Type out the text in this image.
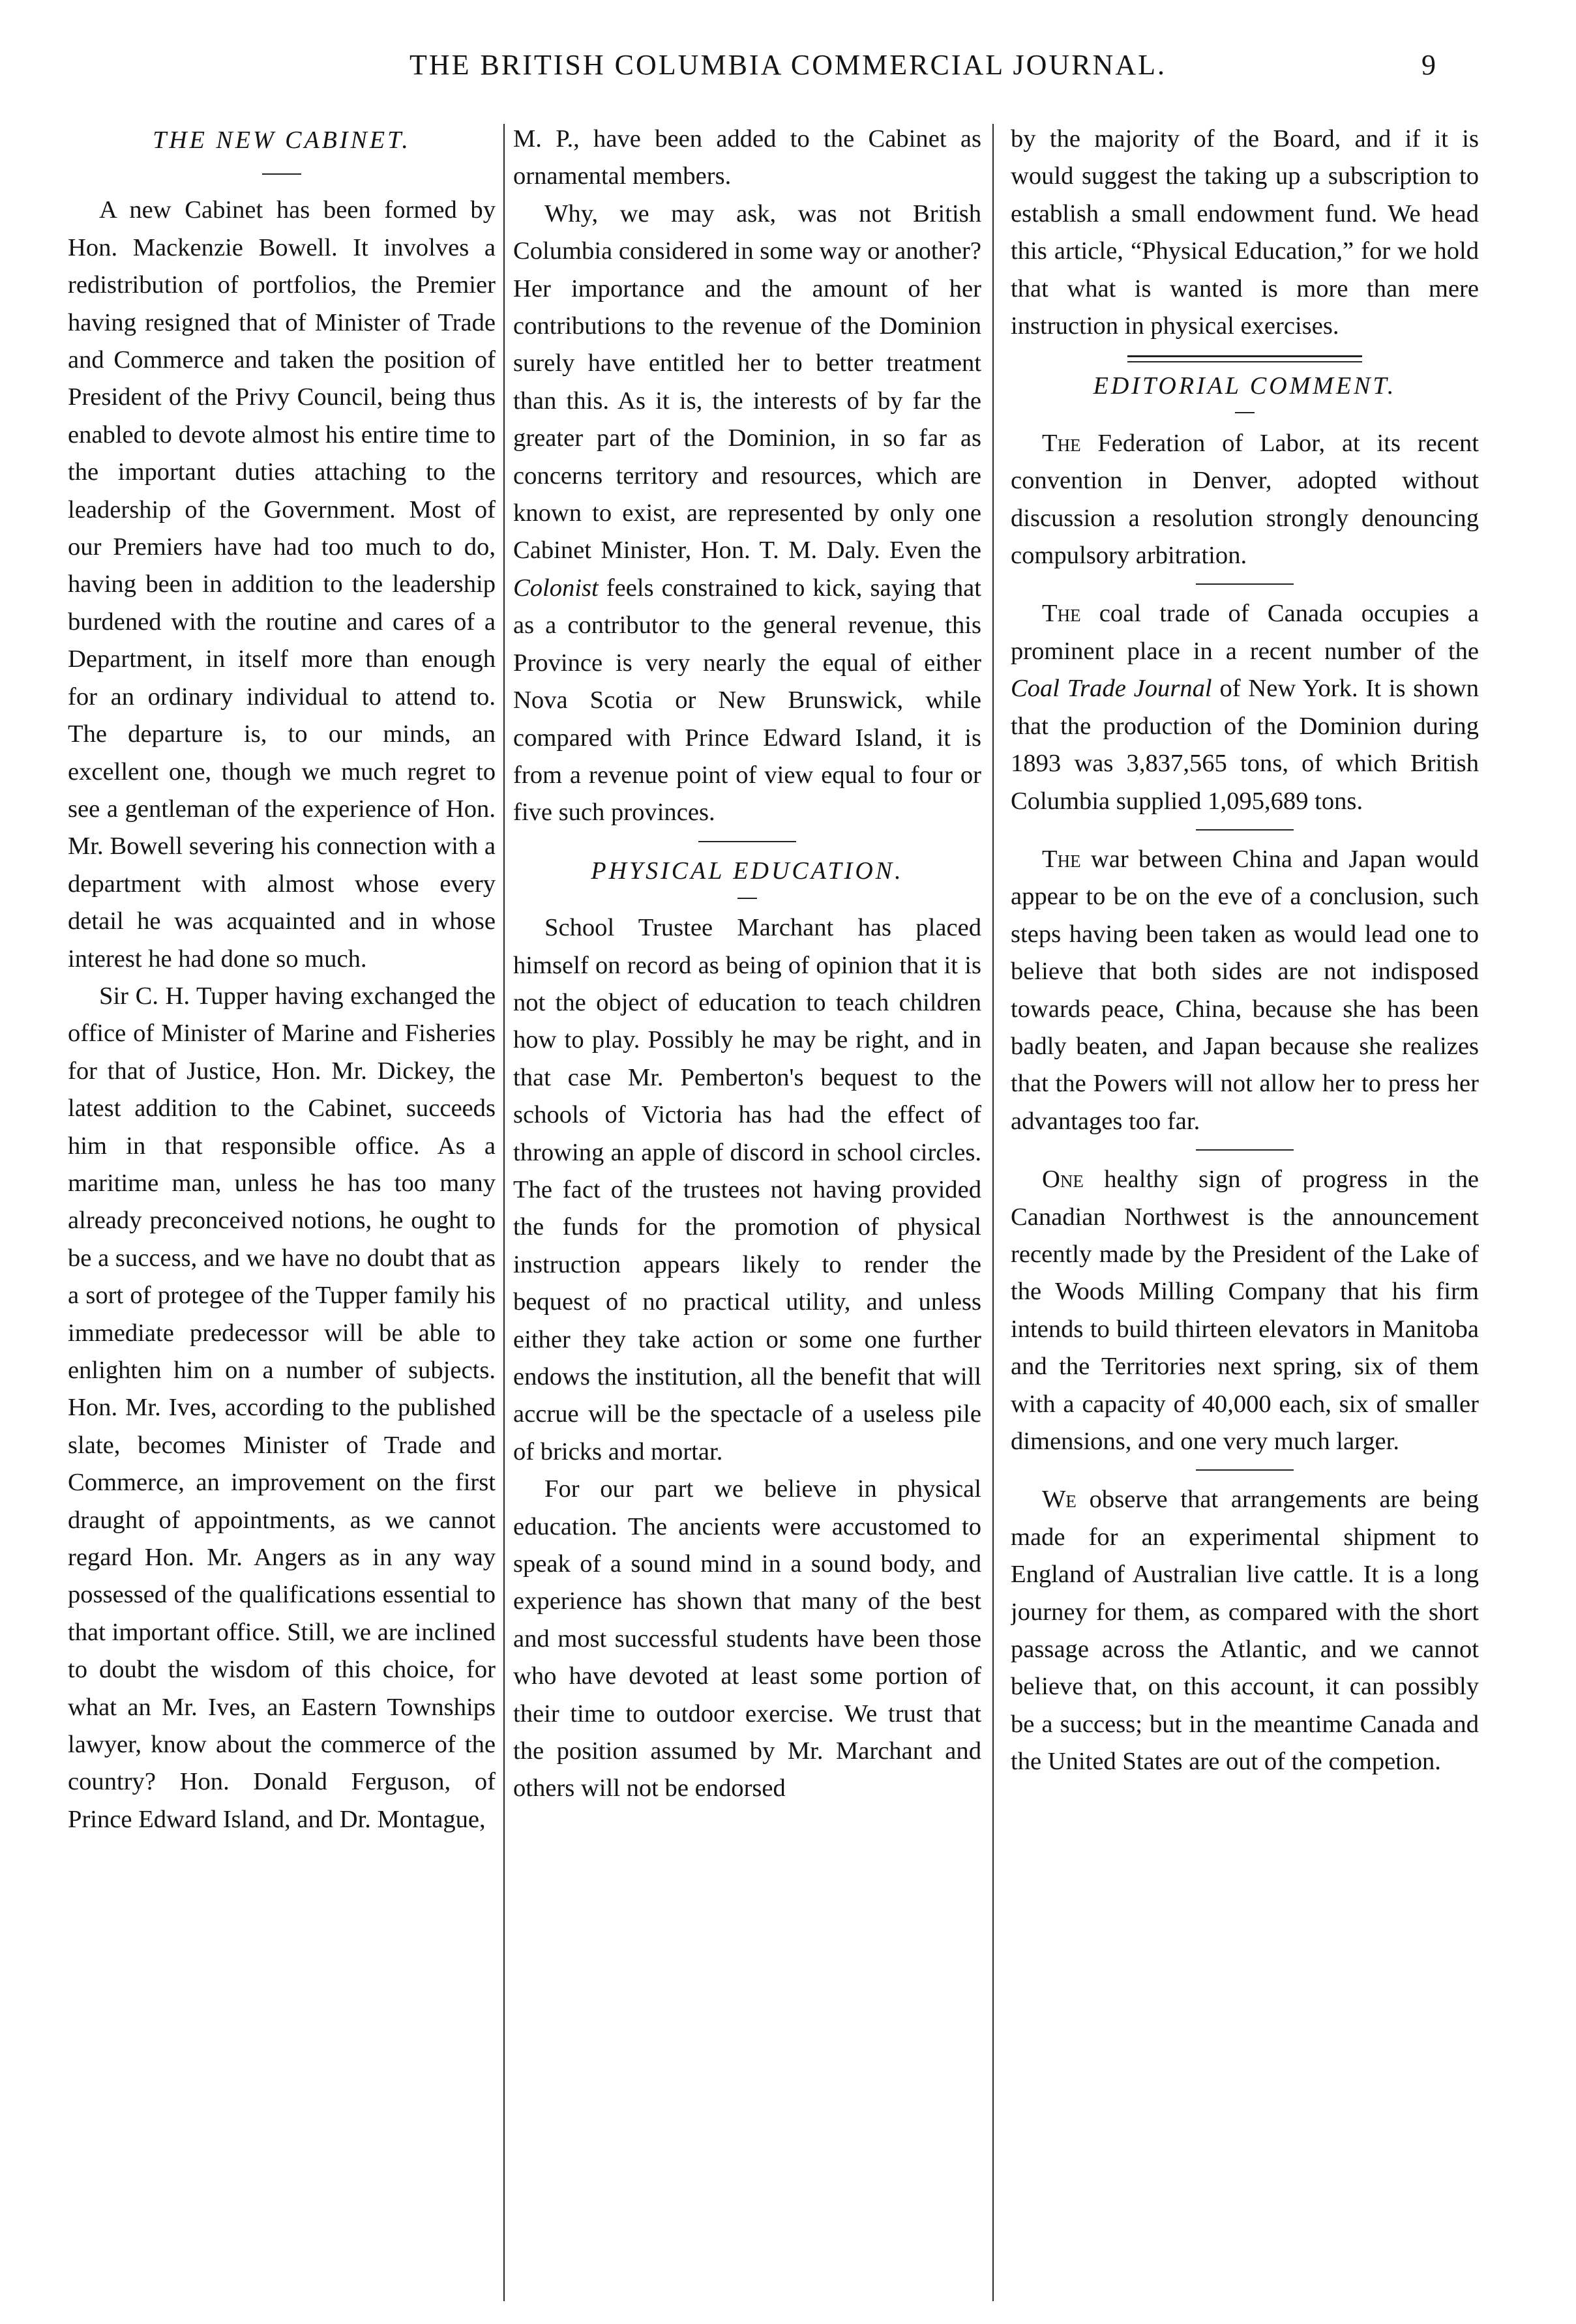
THE BRITISH COLUMBIA COMMERCIAL JOURNAL.	9
THE NEW CABINET.

A new Cabinet has been formed by Hon. Mackenzie Bowell. It involves a redistribution of portfolios, the Premier having resigned that of Minister of Trade and Commerce and taken the position of President of the Privy Council, being thus enabled to devote almost his entire time to the important duties attaching to the leadership of the Government. Most of our Premiers have had too much to do, having been in addition to the leadership burdened with the routine and cares of a Department, in itself more than enough for an ordinary individual to attend to. The departure is, to our minds, an excellent one, though we much regret to see a gentleman of the experience of Hon. Mr. Bowell severing his connection with a department with almost whose every detail he was acquainted and in whose interest he had done so much.

Sir C. H. Tupper having exchanged the office of Minister of Marine and Fisheries for that of Justice, Hon. Mr. Dickey, the latest addition to the Cabinet, succeeds him in that responsible office. As a maritime man, unless he has too many already preconceived notions, he ought to be a success, and we have no doubt that as a sort of protegee of the Tupper family his immediate predecessor will be able to enlighten him on a number of subjects. Hon. Mr. Ives, according to the published slate, becomes Minister of Trade and Commerce, an improvement on the first draught of appointments, as we cannot regard Hon. Mr. Angers as in any way possessed of the qualifications essential to that important office. Still, we are inclined to doubt the wisdom of this choice, for what an Mr. Ives, an Eastern Townships lawyer, know about the commerce of the country? Hon. Donald Ferguson, of Prince Edward Island, and Dr. Montague,

M. P., have been added to the Cabinet as ornamental members.

Why, we may ask, was not British Columbia considered in some way or another? Her importance and the amount of her contributions to the revenue of the Dominion surely have entitled her to better treatment than this. As it is, the interests of by far the greater part of the Dominion, in so far as concerns territory and resources, which are known to exist, are represented by only one Cabinet Minister, Hon. T. M. Daly. Even the Colonist feels constrained to kick, saying that as a contributor to the general revenue, this Province is very nearly the equal of either Nova Scotia or New Brunswick, while compared with Prince Edward Island, it is from a revenue point of view equal to four or five such provinces.

PHYSICAL EDUCATION.

School Trustee Marchant has placed himself on record as being of opinion that it is not the object of education to teach children how to play. Possibly he may be right, and in that case Mr. Pemberton's bequest to the schools of Victoria has had the effect of throwing an apple of discord in school circles. The fact of the trustees not having provided the funds for the promotion of physical instruction appears likely to render the bequest of no practical utility, and unless either they take action or some one further endows the institution, all the benefit that will accrue will be the spectacle of a useless pile of bricks and mortar.

For our part we believe in physical education. The ancients were accustomed to speak of a sound mind in a sound body, and experience has shown that many of the best and most successful students have been those who have devoted at least some portion of their time to outdoor exercise. We trust that the position assumed by Mr. Marchant and others will not be endorsed

by the majority of the Board, and if it is would suggest the taking up a subscription to establish a small endowment fund. We head this article, “Physical Education,” for we hold that what is wanted is more than mere instruction in physical exercises.

EDITORIAL COMMENT.

The Federation of Labor, at its recent convention in Denver, adopted without discussion a resolution strongly denouncing compulsory arbitration.

The coal trade of Canada occupies a prominent place in a recent number of the Coal Trade Journal of New York. It is shown that the production of the Dominion during 1893 was 3,837,565 tons, of which British Columbia supplied 1,095,689 tons.

The war between China and Japan would appear to be on the eve of a conclusion, such steps having been taken as would lead one to believe that both sides are not indisposed towards peace, China, because she has been badly beaten, and Japan because she realizes that the Powers will not allow her to press her advantages too far.

One healthy sign of progress in the Canadian Northwest is the announcement recently made by the President of the Lake of the Woods Milling Company that his firm intends to build thirteen elevators in Manitoba and the Territories next spring, six of them with a capacity of 40,000 each, six of smaller dimensions, and one very much larger.

We observe that arrangements are being made for an experimental shipment to England of Australian live cattle. It is a long journey for them, as compared with the short passage across the Atlantic, and we cannot believe that, on this account, it can possibly be a success; but in the meantime Canada and the United States are out of the competion.
